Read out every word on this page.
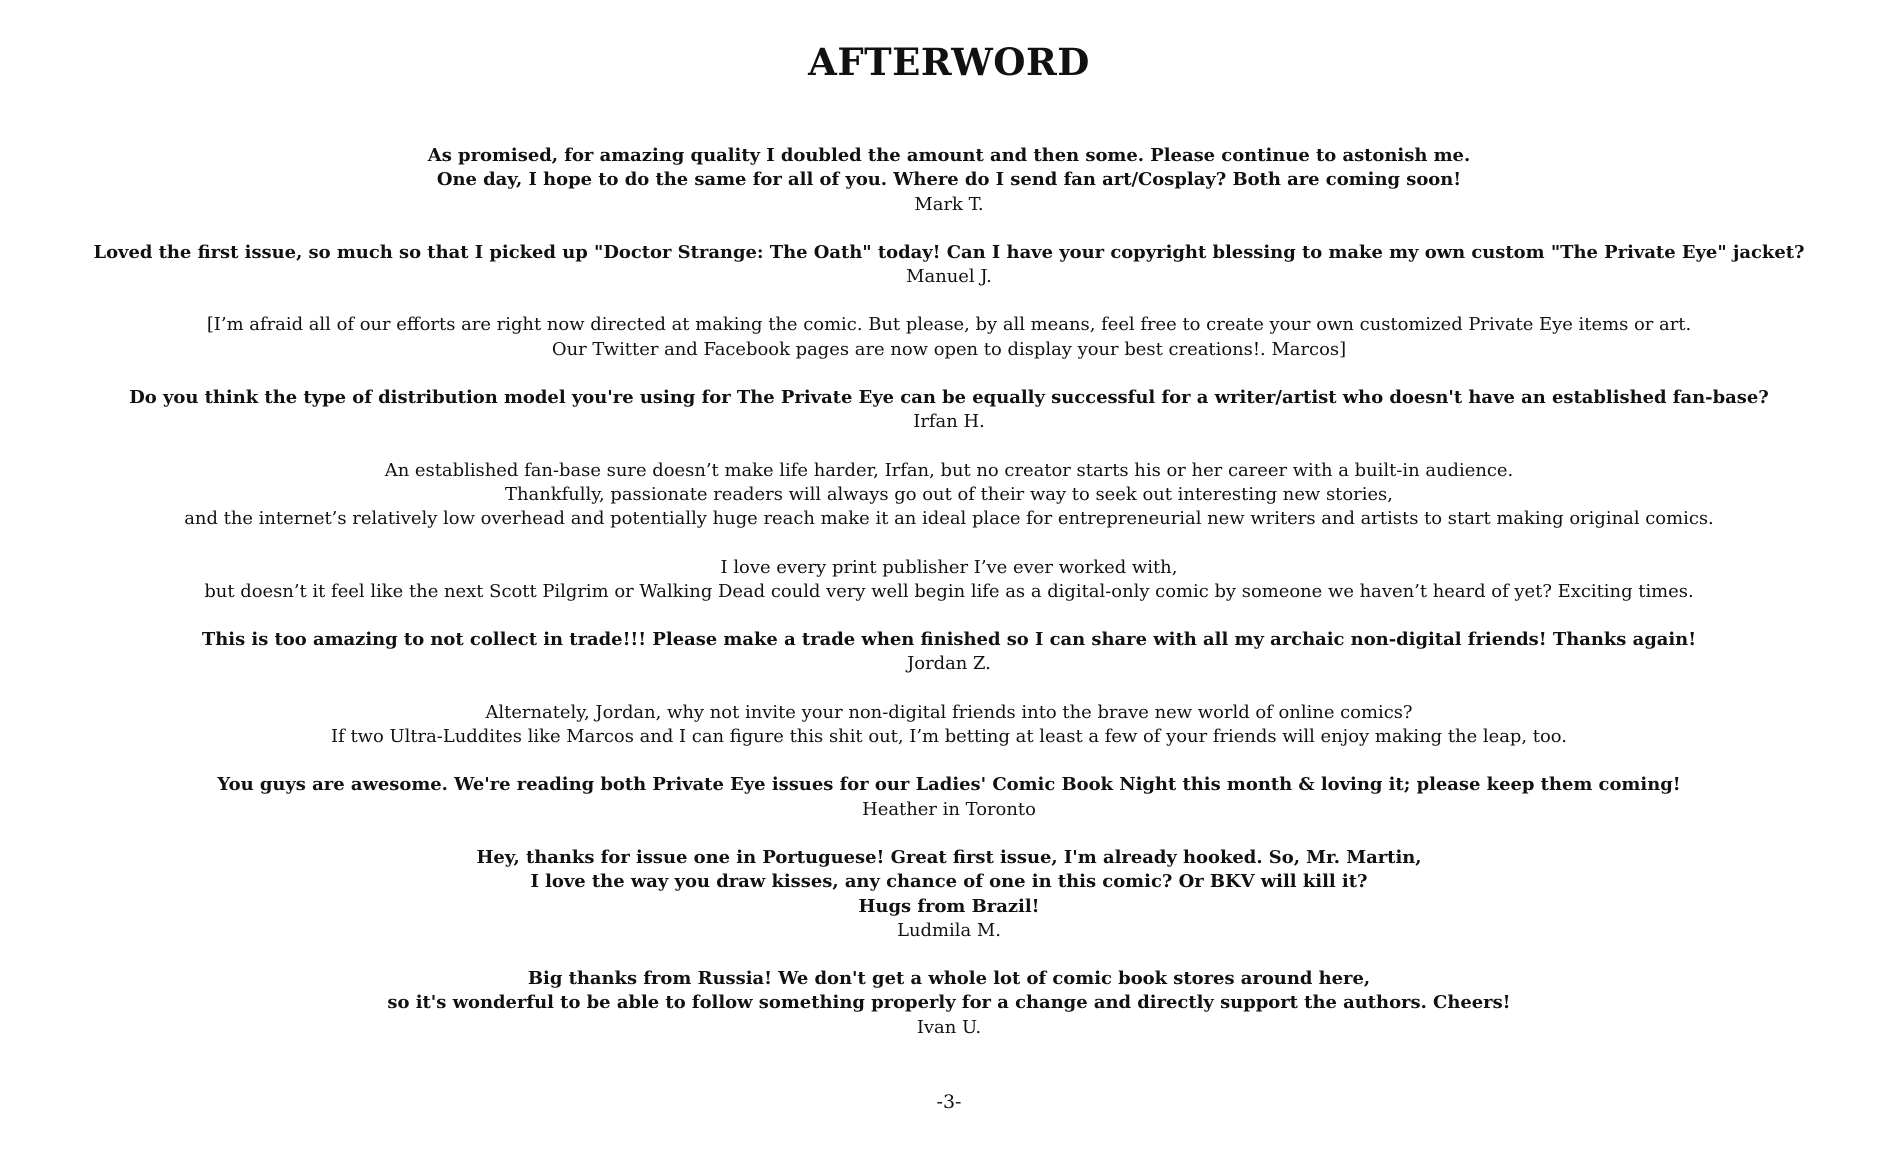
AFTERWORD
As promised, for amazing quality I doubled the amount and then some. Please continue to astonish me.
One day, I hope to do the same for all of you. Where do I send fan art/Cosplay? Both are coming soon!
Mark T.
Loved the first issue, so much so that I picked up "Doctor Strange: The Oath" today! Can I have your copyright blessing to make my own custom "The Private Eye" jacket?
Manuel J.
[I’m afraid all of our efforts are right now directed at making the comic. But please, by all means, feel free to create your own customized Private Eye items or art.
Our Twitter and Facebook pages are now open to display your best creations!. Marcos]
Do you think the type of distribution model you're using for The Private Eye can be equally successful for a writer/artist who doesn't have an established fan-base?
Irfan H.
An established fan-base sure doesn’t make life harder, Irfan, but no creator starts his or her career with a built-in audience.
Thankfully, passionate readers will always go out of their way to seek out interesting new stories,
and the internet’s relatively low overhead and potentially huge reach make it an ideal place for entrepreneurial new writers and artists to start making original comics.
I love every print publisher I’ve ever worked with,
but doesn’t it feel like the next Scott Pilgrim or Walking Dead could very well begin life as a digital-only comic by someone we haven’t heard of yet? Exciting times.
This is too amazing to not collect in trade!!! Please make a trade when finished so I can share with all my archaic non-digital friends! Thanks again!
Jordan Z.
Alternately, Jordan, why not invite your non-digital friends into the brave new world of online comics?
If two Ultra-Luddites like Marcos and I can figure this shit out, I’m betting at least a few of your friends will enjoy making the leap, too.
You guys are awesome. We're reading both Private Eye issues for our Ladies' Comic Book Night this month & loving it; please keep them coming!
Heather in Toronto
Hey, thanks for issue one in Portuguese! Great first issue, I'm already hooked. So, Mr. Martin,
I love the way you draw kisses, any chance of one in this comic? Or BKV will kill it?
Hugs from Brazil!
Ludmila M.
Big thanks from Russia! We don't get a whole lot of comic book stores around here,
so it's wonderful to be able to follow something properly for a change and directly support the authors. Cheers!
Ivan U.
-3-
